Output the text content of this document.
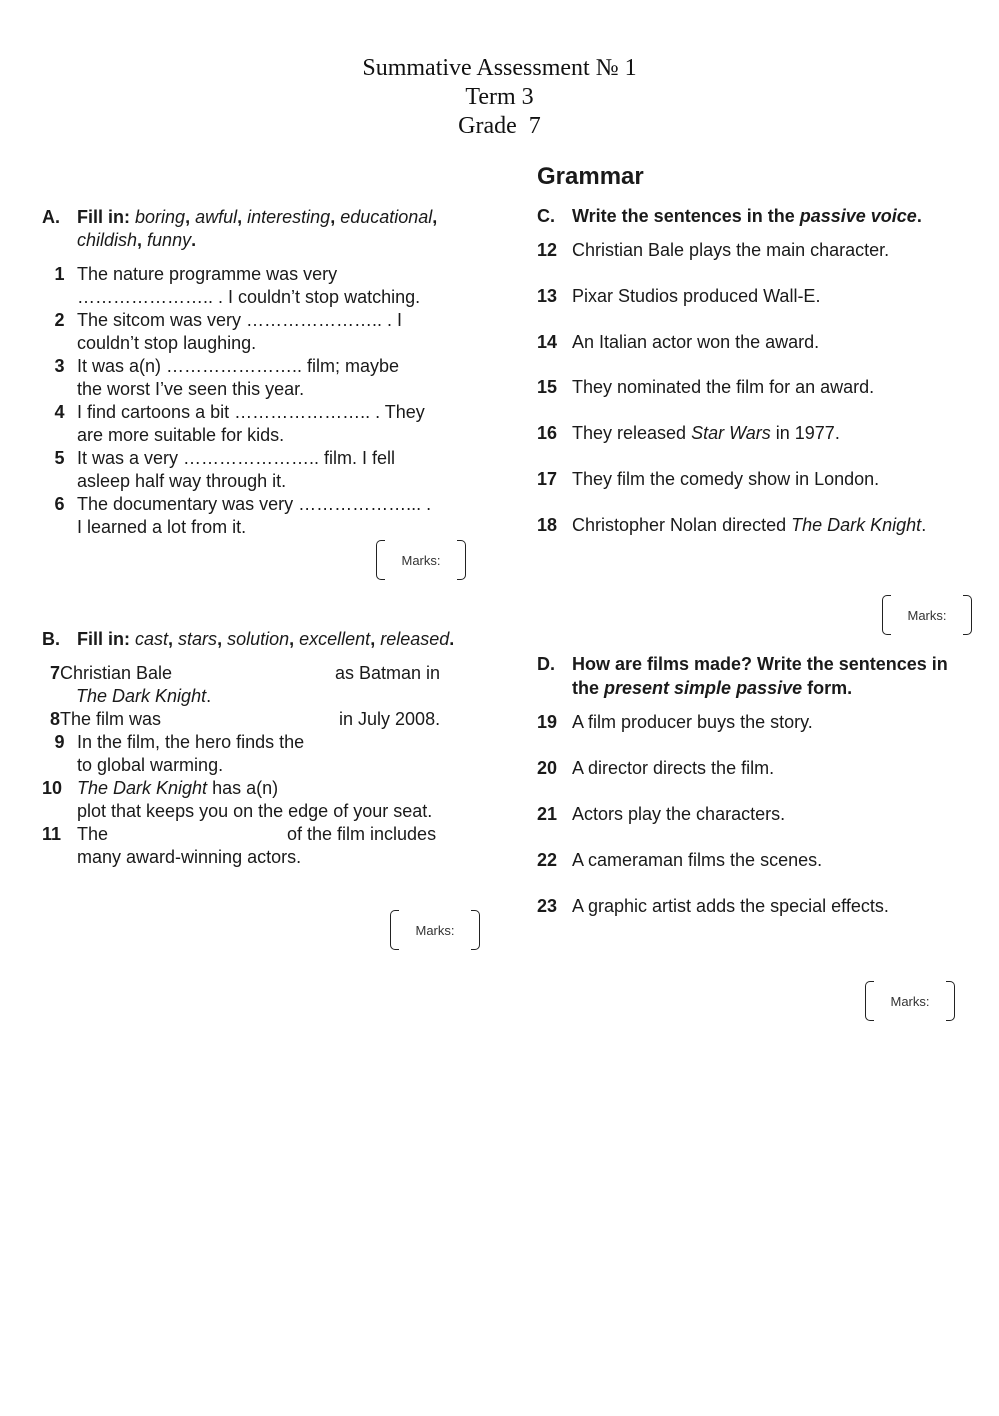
Summative Assessment № 1
Term 3
Grade  7
A. Fill in: boring, awful, interesting, educational, childish, funny.
1 The nature programme was very
………………….. . I couldn’t stop watching.
2 The sitcom was very ………………….. . I
couldn’t stop laughing.
3 It was a(n) ………………….. film; maybe
the worst I’ve seen this year.
4 I find cartoons a bit ………………….. . They
are more suitable for kids.
5 It was a very ………………….. film. I fell
asleep half way through it.
6 The documentary was very ………………... .
I learned a lot from it.
Marks:
B. Fill in: cast, stars, solution, excellent, released.
7 Christian Bale	as Batman in
The Dark Knight.
8 The film was	in July 2008.
9 In the film, the hero finds the
to global warming.
10 The Dark Knight has a(n)
plot that keeps you on the edge of your seat.
11 The	of the film includes
many award-winning actors.
Marks:
Grammar
C. Write the sentences in the passive voice.
12 Christian Bale plays the main character.
13 Pixar Studios produced Wall-E.
14 An Italian actor won the award.
15 They nominated the film for an award.
16 They released Star Wars in 1977.
17 They film the comedy show in London.
18 Christopher Nolan directed The Dark Knight.
Marks:
D. How are films made? Write the sentences in the present simple passive form.
19 A film producer buys the story.
20 A director directs the film.
21 Actors play the characters.
22 A cameraman films the scenes.
23 A graphic artist adds the special effects.
Marks:
